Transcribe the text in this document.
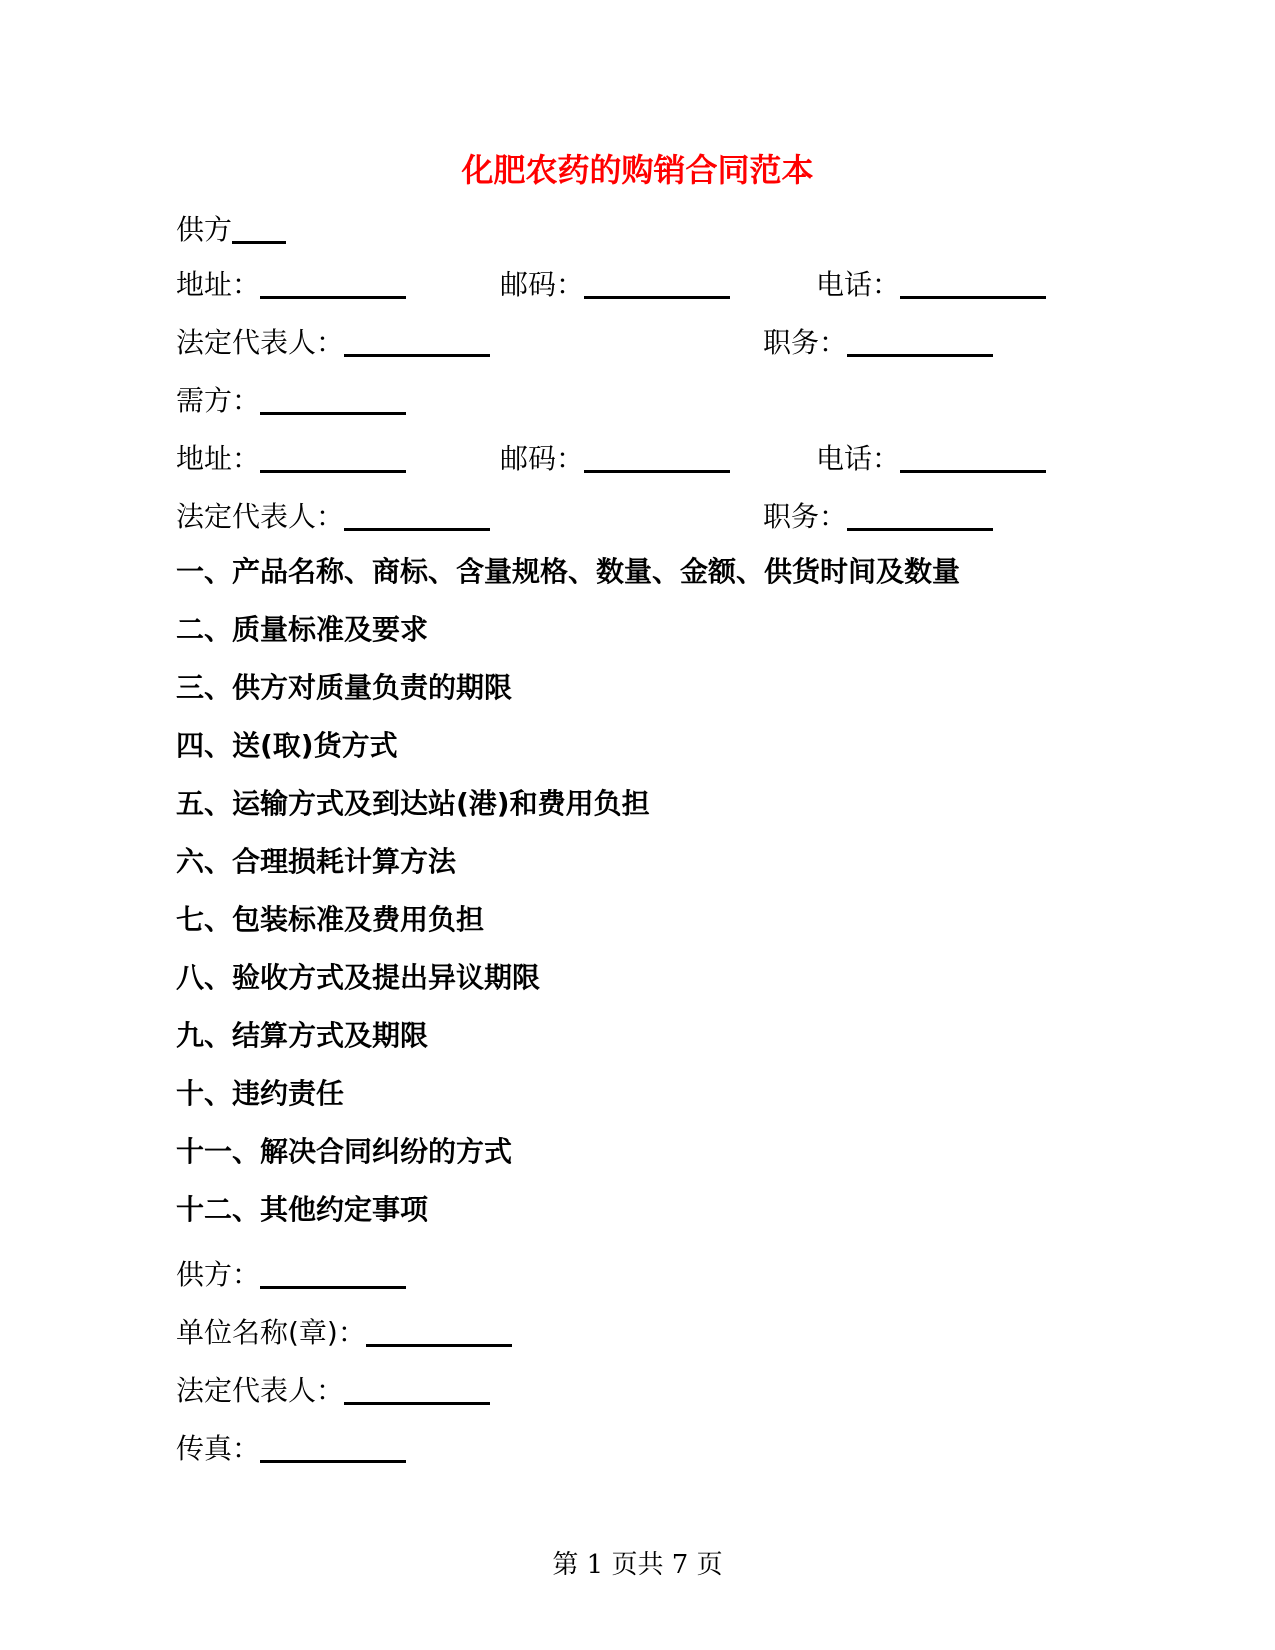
化肥农药的购销合同范本
供方
地址：	邮码：	电话：
法定代表人：	职务：
需方：
地址：	邮码：	电话：
法定代表人：	职务：
一、产品名称、商标、含量规格、数量、金额、供货时间及数量
二、质量标准及要求
三、供方对质量负责的期限
四、送(取)货方式
五、运输方式及到达站(港)和费用负担
六、合理损耗计算方法
七、包装标准及费用负担
八、验收方式及提出异议期限
九、结算方式及期限
十、违约责任
十一、解决合同纠纷的方式
十二、其他约定事项
供方：
单位名称(章)：
法定代表人：
传真：
第 1 页共 7 页
